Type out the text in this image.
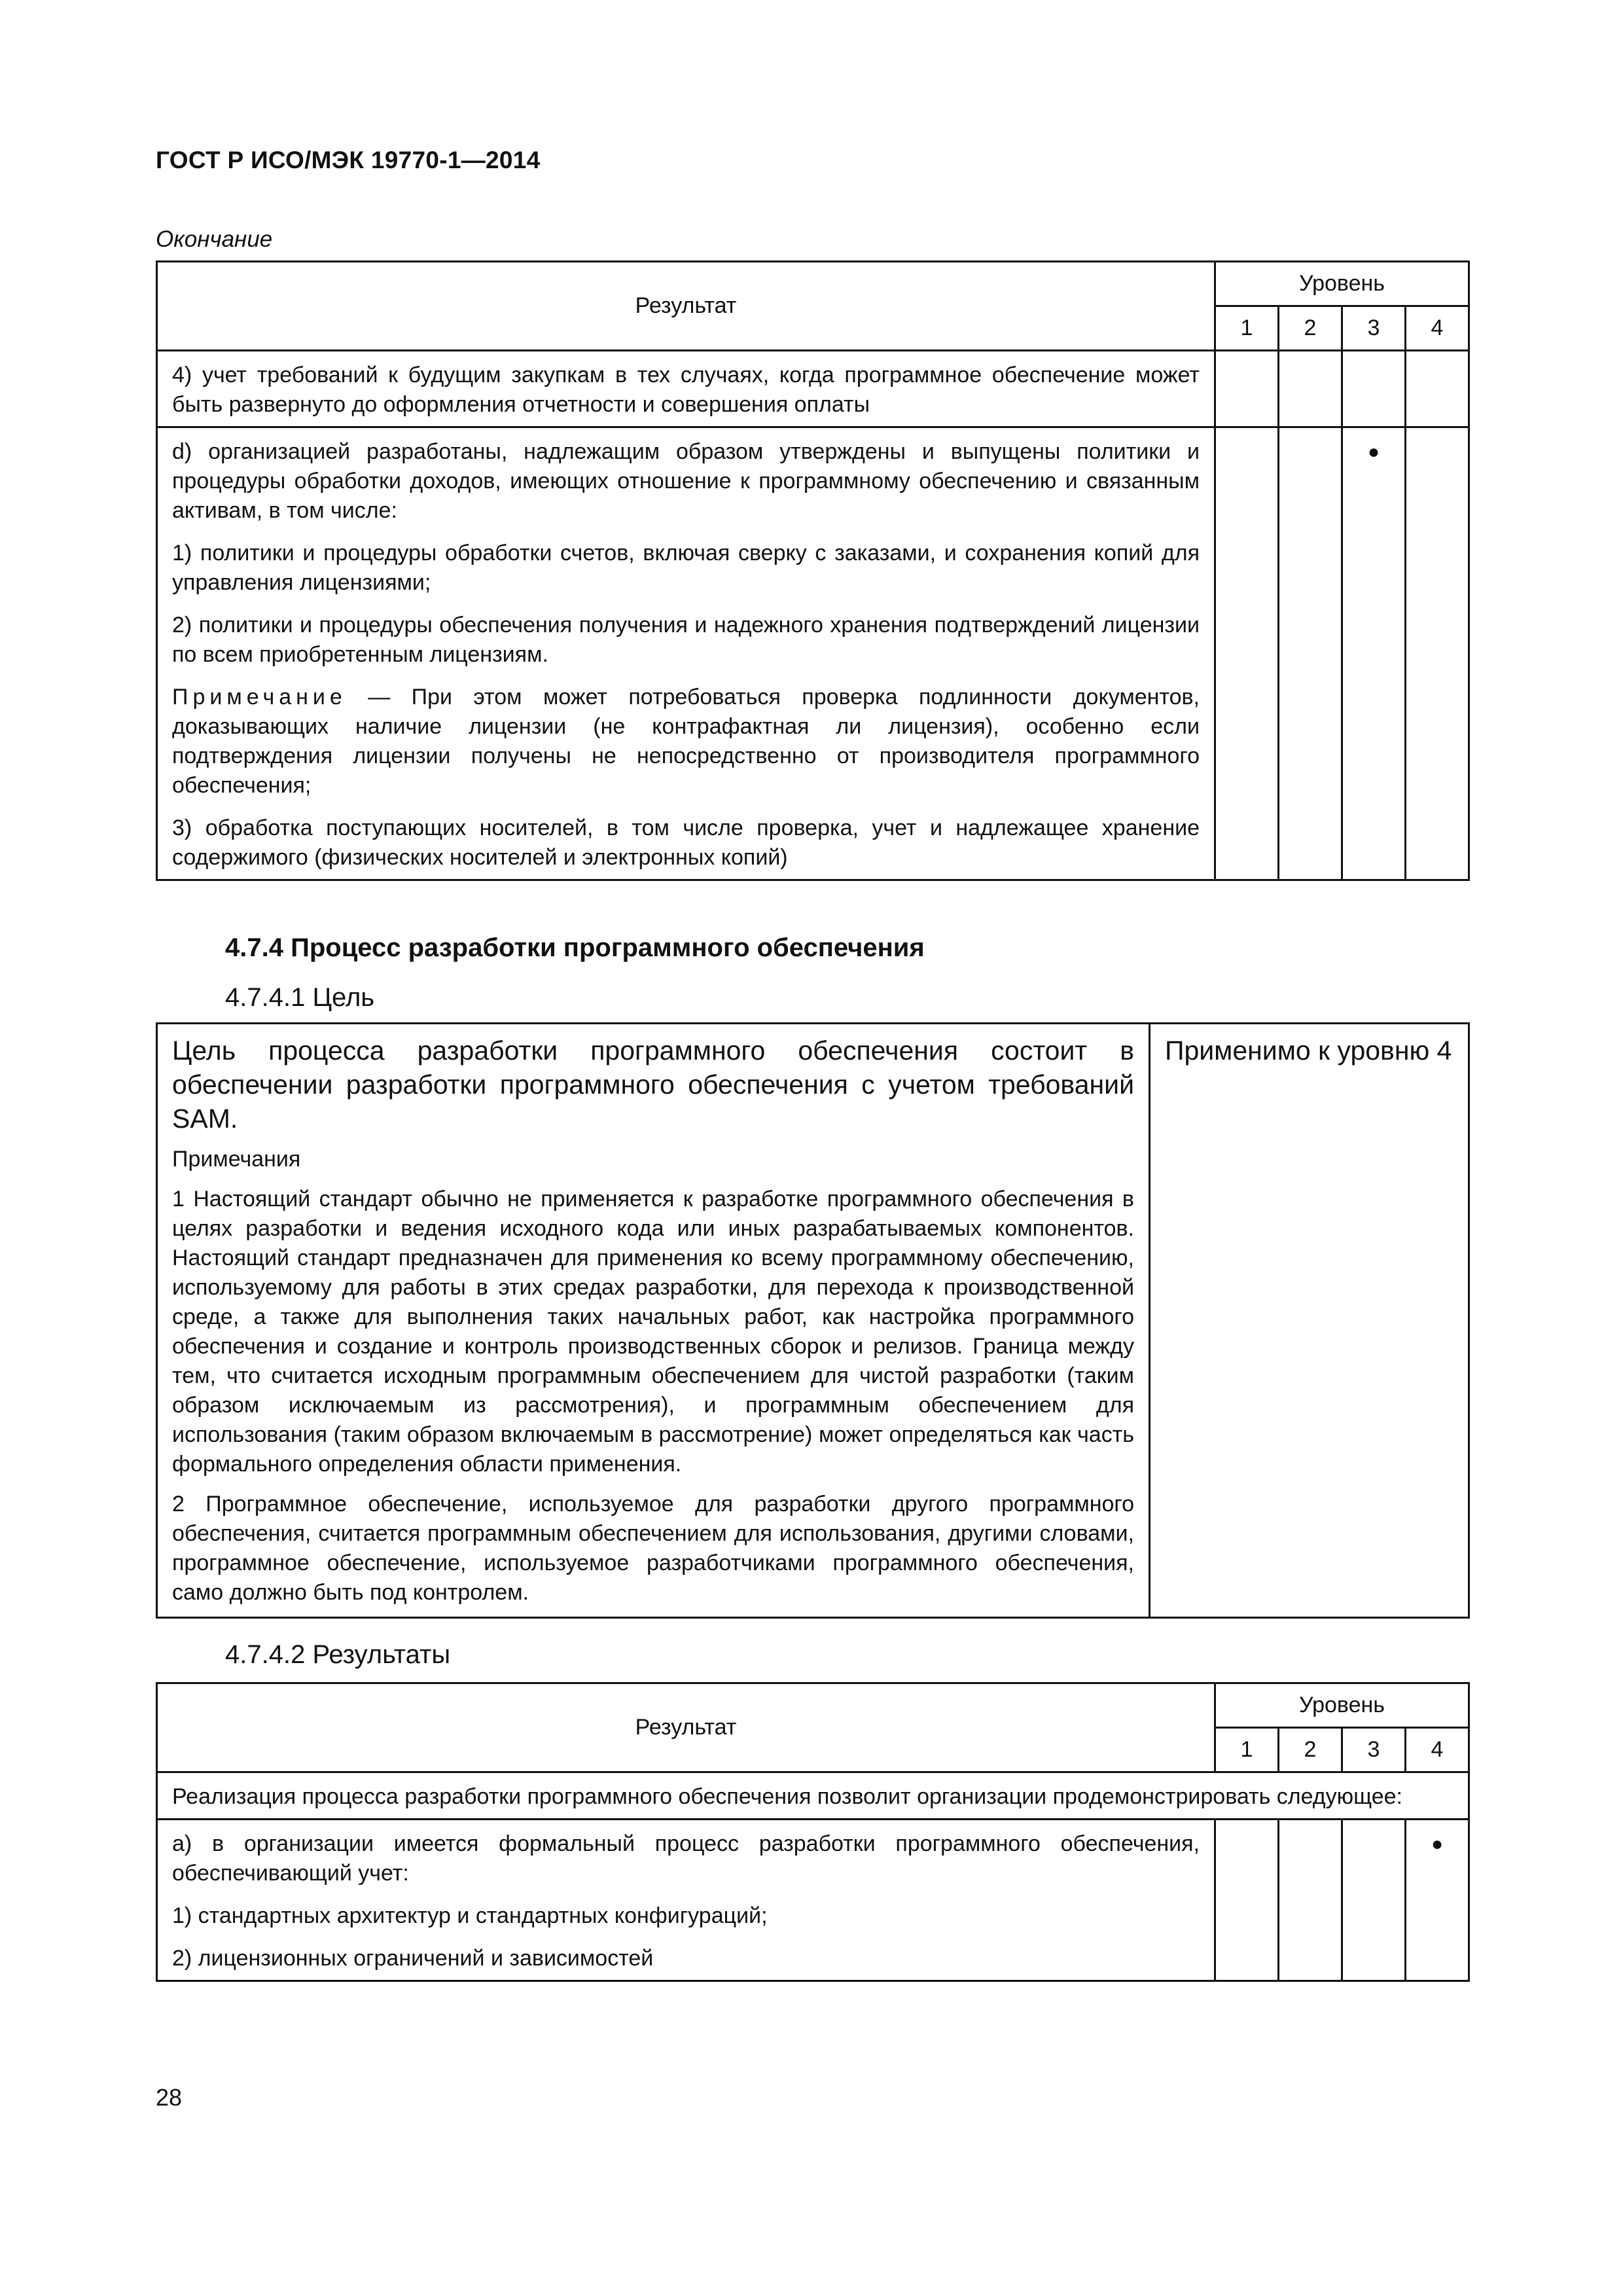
ГОСТ Р ИСО/МЭК 19770-1—2014
Окончание
Результат	Уровень			
	1	2	3	4

4) учет требований к будущим закупкам в тех случаях, когда программное обеспечение может быть развернуто до оформления отчетности и совершения оплаты				

d) организацией разработаны, надлежащим образом утверждены и выпущены политики и процедуры обработки доходов, имеющих отношение к программному обеспечению и связанным активам, в том числе:

1) политики и процедуры обработки счетов, включая сверку с заказами, и сохранения копий для управления лицензиями;

2) политики и процедуры обеспечения получения и надежного хранения подтверждений лицензии по всем приобретенным лицензиям.

Примечание — При этом может потребоваться проверка подлинности документов, доказывающих наличие лицензии (не контрафактная ли лицензия), особенно если подтверждения лицензии получены не непосредственно от производителя программного обеспечения;

3) обработка поступающих носителей, в том числе проверка, учет и надлежащее хранение содержимого (физических носителей и электронных копий)			●	
4.7.4 Процесс разработки программного обеспечения
4.7.4.1 Цель

Цель процесса разработки программного обеспечения состоит в обеспечении разработки программного обеспечения с учетом требований SAM.

Примечания

1 Настоящий стандарт обычно не применяется к разработке программного обеспечения в целях разработки и ведения исходного кода или иных разрабатываемых компонентов. Настоящий стандарт предназначен для применения ко всему программному обеспечению, используемому для работы в этих средах разработки, для перехода к производственной среде, а также для выполнения таких начальных работ, как настройка программного обеспечения и создание и контроль производственных сборок и релизов. Граница между тем, что считается исходным программным обеспечением для чистой разработки (таким образом исключаемым из рассмотрения), и программным обеспечением для использования (таким образом включаемым в рассмотрение) может определяться как часть формального определения области применения.

2 Программное обеспечение, используемое для разработки другого программного обеспечения, считается программным обеспечением для использования, другими словами, программное обеспечение, используемое разработчиками программного обеспечения, само должно быть под контролем.

	Применимо к уровню 4
4.7.4.2 Результаты
Результат	Уровень			
	1	2	3	4

Реализация процесса разработки программного обеспечения позволит организации продемонстрировать следующее:				

а) в организации имеется формальный процесс разработки программного обеспечения, обеспечивающий учет:

1) стандартных архитектур и стандартных конфигураций;

2) лицензионных ограничений и зависимостей				●
28
